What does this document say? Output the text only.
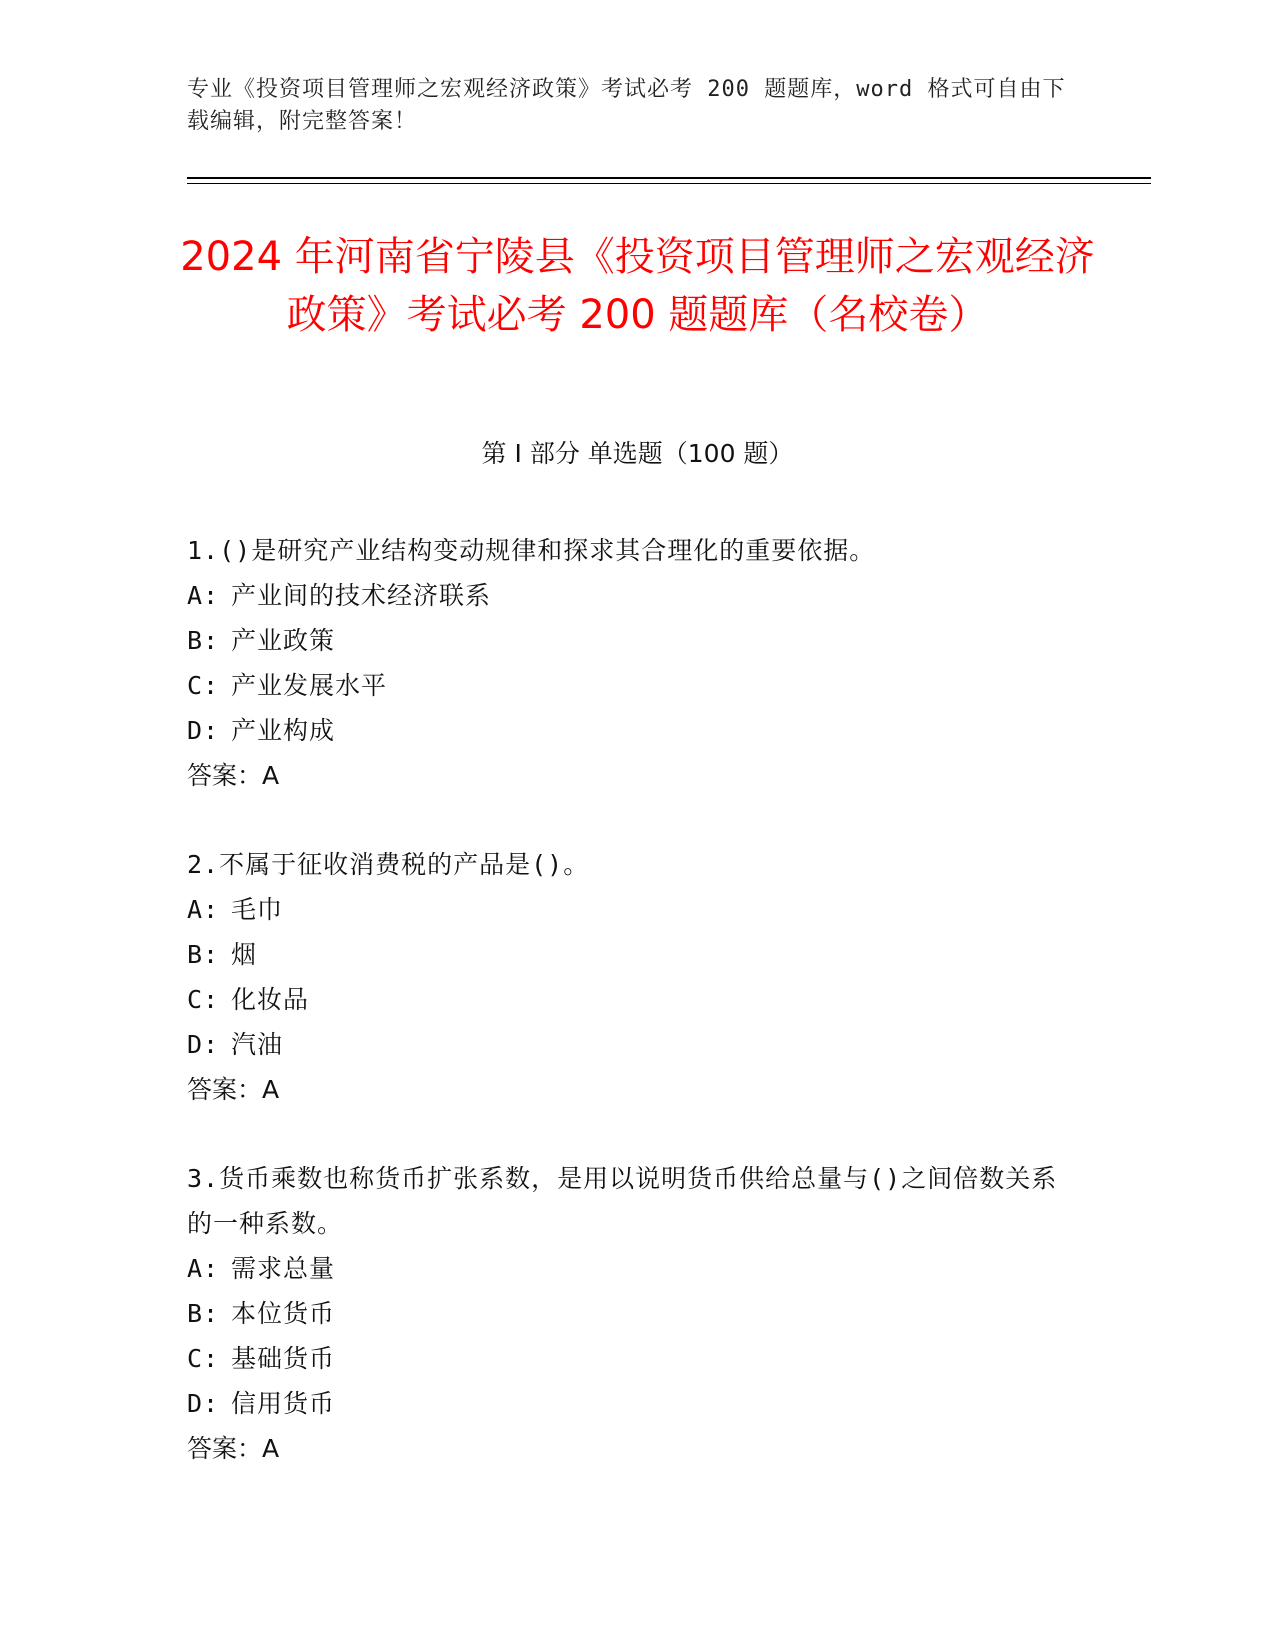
专业《投资项目管理师之宏观经济政策》考试必考 200 题题库，word 格式可自由下载编辑，附完整答案！
2024 年河南省宁陵县《投资项目管理师之宏观经济政策》考试必考 200 题题库（名校卷）
第 I 部分 单选题（100 题）
1.()是研究产业结构变动规律和探求其合理化的重要依据。
A: 产业间的技术经济联系
B: 产业政策
C: 产业发展水平
D: 产业构成
答案：A
2.不属于征收消费税的产品是()。
A: 毛巾
B: 烟
C: 化妆品
D: 汽油
答案：A
3.货币乘数也称货币扩张系数，是用以说明货币供给总量与()之间倍数关系的一种系数。
A: 需求总量
B: 本位货币
C: 基础货币
D: 信用货币
答案：A
